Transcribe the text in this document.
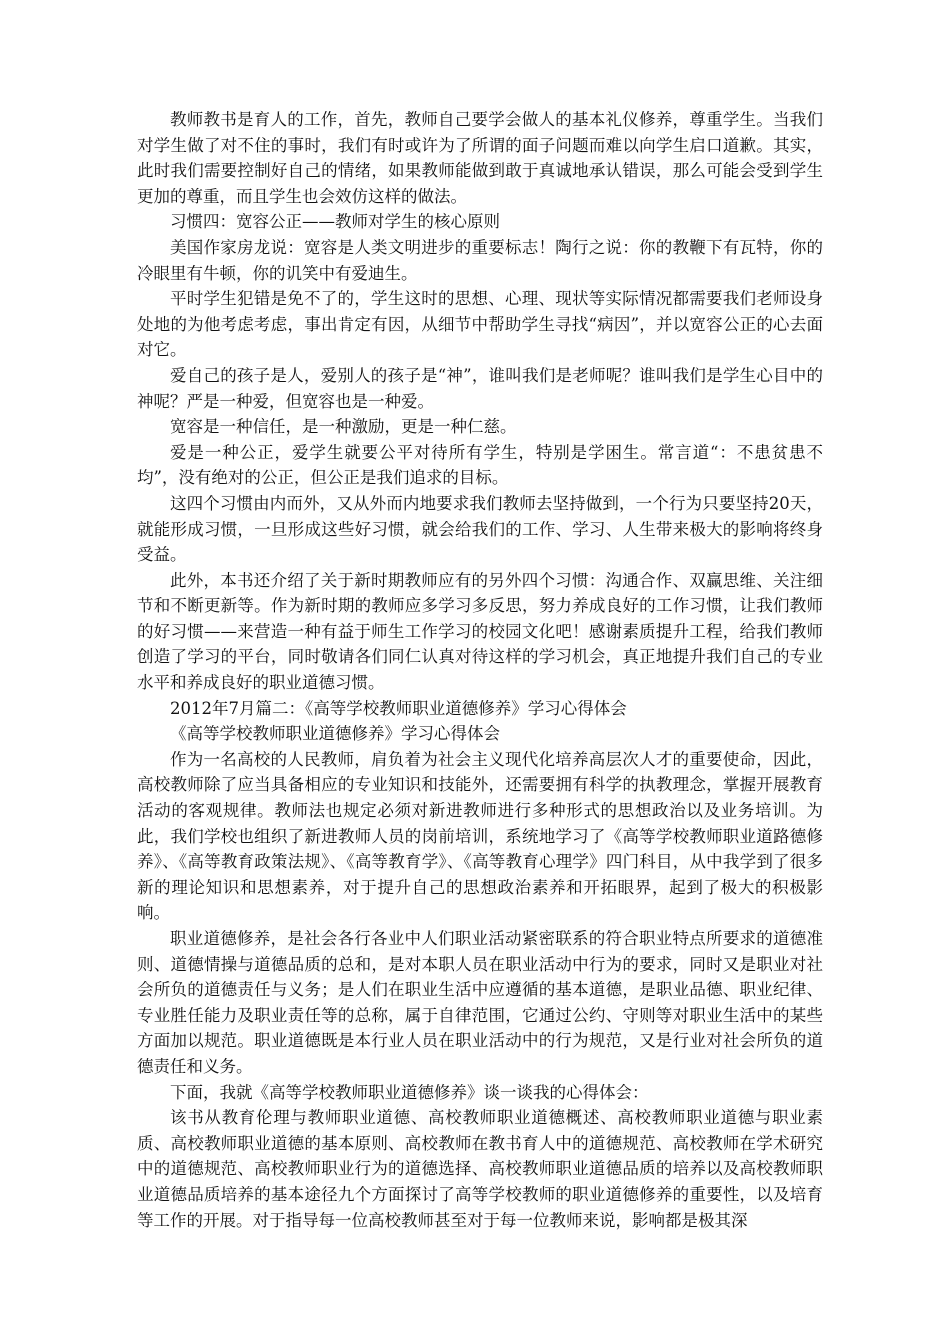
教师教书是育人的工作，首先，教师自己要学会做人的基本礼仪修养，尊重学生。当我们对学生做了对不住的事时，我们有时或许为了所谓的面子问题而难以向学生启口道歉。其实，此时我们需要控制好自己的情绪，如果教师能做到敢于真诚地承认错误，那么可能会受到学生更加的尊重，而且学生也会效仿这样的做法。

习惯四：宽容公正——教师对学生的核心原则

美国作家房龙说：宽容是人类文明进步的重要标志！陶行之说：你的教鞭下有瓦特，你的冷眼里有牛顿，你的讥笑中有爱迪生。

平时学生犯错是免不了的，学生这时的思想、心理、现状等实际情况都需要我们老师设身处地的为他考虑考虑，事出肯定有因，从细节中帮助学生寻找“病因”，并以宽容公正的心去面对它。

爱自己的孩子是人，爱别人的孩子是“神”，谁叫我们是老师呢？谁叫我们是学生心目中的神呢？严是一种爱，但宽容也是一种爱。

宽容是一种信任，是一种激励，更是一种仁慈。

爱是一种公正，爱学生就要公平对待所有学生，特别是学困生。常言道“：不患贫患不均”，没有绝对的公正，但公正是我们追求的目标。

这四个习惯由内而外，又从外而内地要求我们教师去坚持做到，一个行为只要坚持20天，就能形成习惯，一旦形成这些好习惯，就会给我们的工作、学习、人生带来极大的影响将终身受益。

此外，本书还介绍了关于新时期教师应有的另外四个习惯：沟通合作、双赢思维、关注细节和不断更新等。作为新时期的教师应多学习多反思，努力养成良好的工作习惯，让我们教师的好习惯——来营造一种有益于师生工作学习的校园文化吧！感谢素质提升工程，给我们教师创造了学习的平台，同时敬请各们同仁认真对待这样的学习机会，真正地提升我们自己的专业水平和养成良好的职业道德习惯。

2012年7月篇二：《高等学校教师职业道德修养》学习心得体会

《高等学校教师职业道德修养》学习心得体会

作为一名高校的人民教师，肩负着为社会主义现代化培养高层次人才的重要使命，因此，高校教师除了应当具备相应的专业知识和技能外，还需要拥有科学的执教理念，掌握开展教育活动的客观规律。教师法也规定必须对新进教师进行多种形式的思想政治以及业务培训。为此，我们学校也组织了新进教师人员的岗前培训，系统地学习了《高等学校教师职业道路德修养》、《高等教育政策法规》、《高等教育学》、《高等教育心理学》四门科目，从中我学到了很多新的理论知识和思想素养，对于提升自己的思想政治素养和开拓眼界，起到了极大的积极影响。

职业道德修养，是社会各行各业中人们职业活动紧密联系的符合职业特点所要求的道德准则、道德情操与道德品质的总和，是对本职人员在职业活动中行为的要求，同时又是职业对社会所负的道德责任与义务；是人们在职业生活中应遵循的基本道德，是职业品德、职业纪律、专业胜任能力及职业责任等的总称，属于自律范围，它通过公约、守则等对职业生活中的某些方面加以规范。职业道德既是本行业人员在职业活动中的行为规范，又是行业对社会所负的道德责任和义务。

下面，我就《高等学校教师职业道德修养》谈一谈我的心得体会：

该书从教育伦理与教师职业道德、高校教师职业道德概述、高校教师职业道德与职业素质、高校教师职业道德的基本原则、高校教师在教书育人中的道德规范、高校教师在学术研究中的道德规范、高校教师职业行为的道德选择、高校教师职业道德品质的培养以及高校教师职业道德品质培养的基本途径九个方面探讨了高等学校教师的职业道德修养的重要性，以及培育等工作的开展。对于指导每一位高校教师甚至对于每一位教师来说，影响都是极其深
